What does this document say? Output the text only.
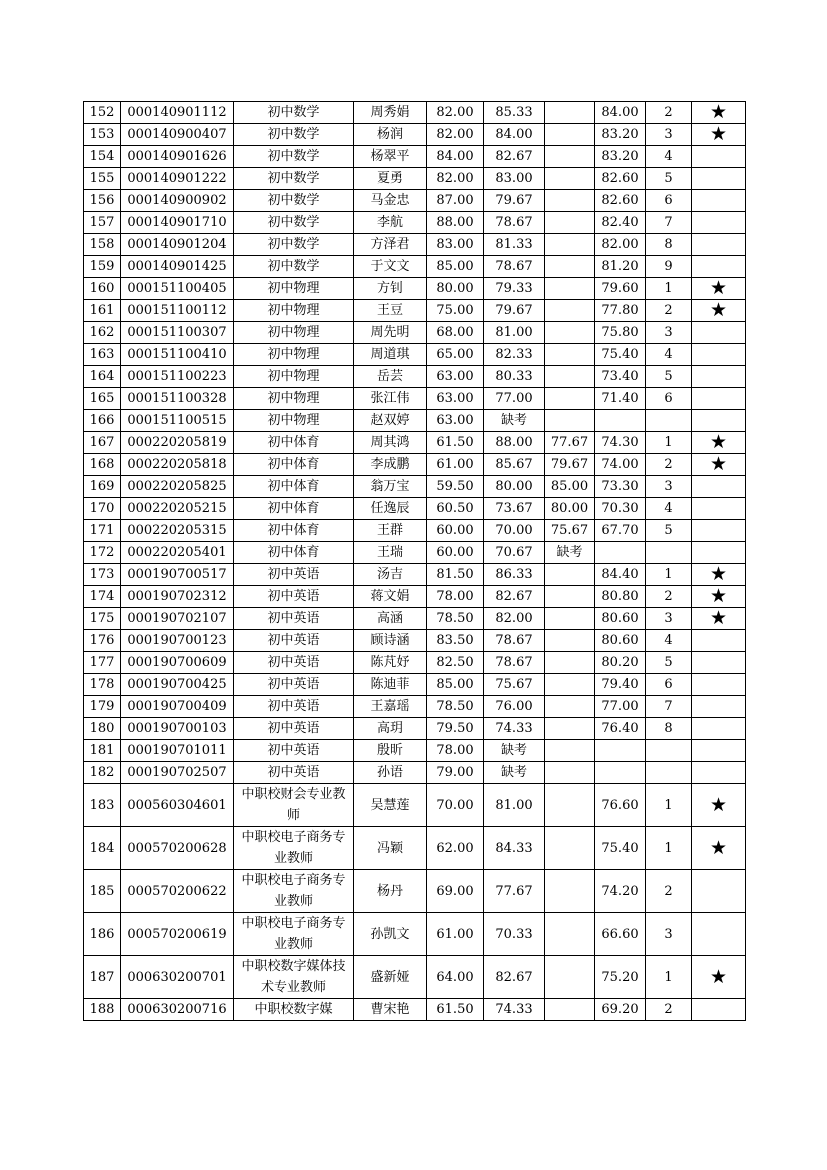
152	000140901112	初中数学	周秀娟	82.00	85.33		84.00	2	★
153	000140900407	初中数学	杨润	82.00	84.00		83.20	3	★
154	000140901626	初中数学	杨翠平	84.00	82.67		83.20	4	
155	000140901222	初中数学	夏勇	82.00	83.00		82.60	5	
156	000140900902	初中数学	马金忠	87.00	79.67		82.60	6	
157	000140901710	初中数学	李航	88.00	78.67		82.40	7	
158	000140901204	初中数学	方泽君	83.00	81.33		82.00	8	
159	000140901425	初中数学	于文文	85.00	78.67		81.20	9	
160	000151100405	初中物理	方钊	80.00	79.33		79.60	1	★
161	000151100112	初中物理	王豆	75.00	79.67		77.80	2	★
162	000151100307	初中物理	周先明	68.00	81.00		75.80	3	
163	000151100410	初中物理	周道琪	65.00	82.33		75.40	4	
164	000151100223	初中物理	岳芸	63.00	80.33		73.40	5	
165	000151100328	初中物理	张江伟	63.00	77.00		71.40	6	
166	000151100515	初中物理	赵双婷	63.00	缺考				
167	000220205819	初中体育	周其鸿	61.50	88.00	77.67	74.30	1	★
168	000220205818	初中体育	李成鹏	61.00	85.67	79.67	74.00	2	★
169	000220205825	初中体育	翁万宝	59.50	80.00	85.00	73.30	3	
170	000220205215	初中体育	任逸辰	60.50	73.67	80.00	70.30	4	
171	000220205315	初中体育	王群	60.00	70.00	75.67	67.70	5	
172	000220205401	初中体育	王瑞	60.00	70.67	缺考			
173	000190700517	初中英语	汤吉	81.50	86.33		84.40	1	★
174	000190702312	初中英语	蒋文娟	78.00	82.67		80.80	2	★
175	000190702107	初中英语	高涵	78.50	82.00		80.60	3	★
176	000190700123	初中英语	顾诗涵	83.50	78.67		80.60	4	
177	000190700609	初中英语	陈芃妤	82.50	78.67		80.20	5	
178	000190700425	初中英语	陈迪菲	85.00	75.67		79.40	6	
179	000190700409	初中英语	王嘉瑶	78.50	76.00		77.00	7	
180	000190700103	初中英语	高玥	79.50	74.33		76.40	8	
181	000190701011	初中英语	殷昕	78.00	缺考				
182	000190702507	初中英语	孙语	79.00	缺考				
183	000560304601	中职校财会专业教师	吴慧莲	70.00	81.00		76.60	1	★
184	000570200628	中职校电子商务专业教师	冯颖	62.00	84.33		75.40	1	★
185	000570200622	中职校电子商务专业教师	杨丹	69.00	77.67		74.20	2	
186	000570200619	中职校电子商务专业教师	孙凯文	61.00	70.33		66.60	3	
187	000630200701	中职校数字媒体技术专业教师	盛新娅	64.00	82.67		75.20	1	★
188	000630200716	中职校数字媒	曹宋艳	61.50	74.33		69.20	2	
